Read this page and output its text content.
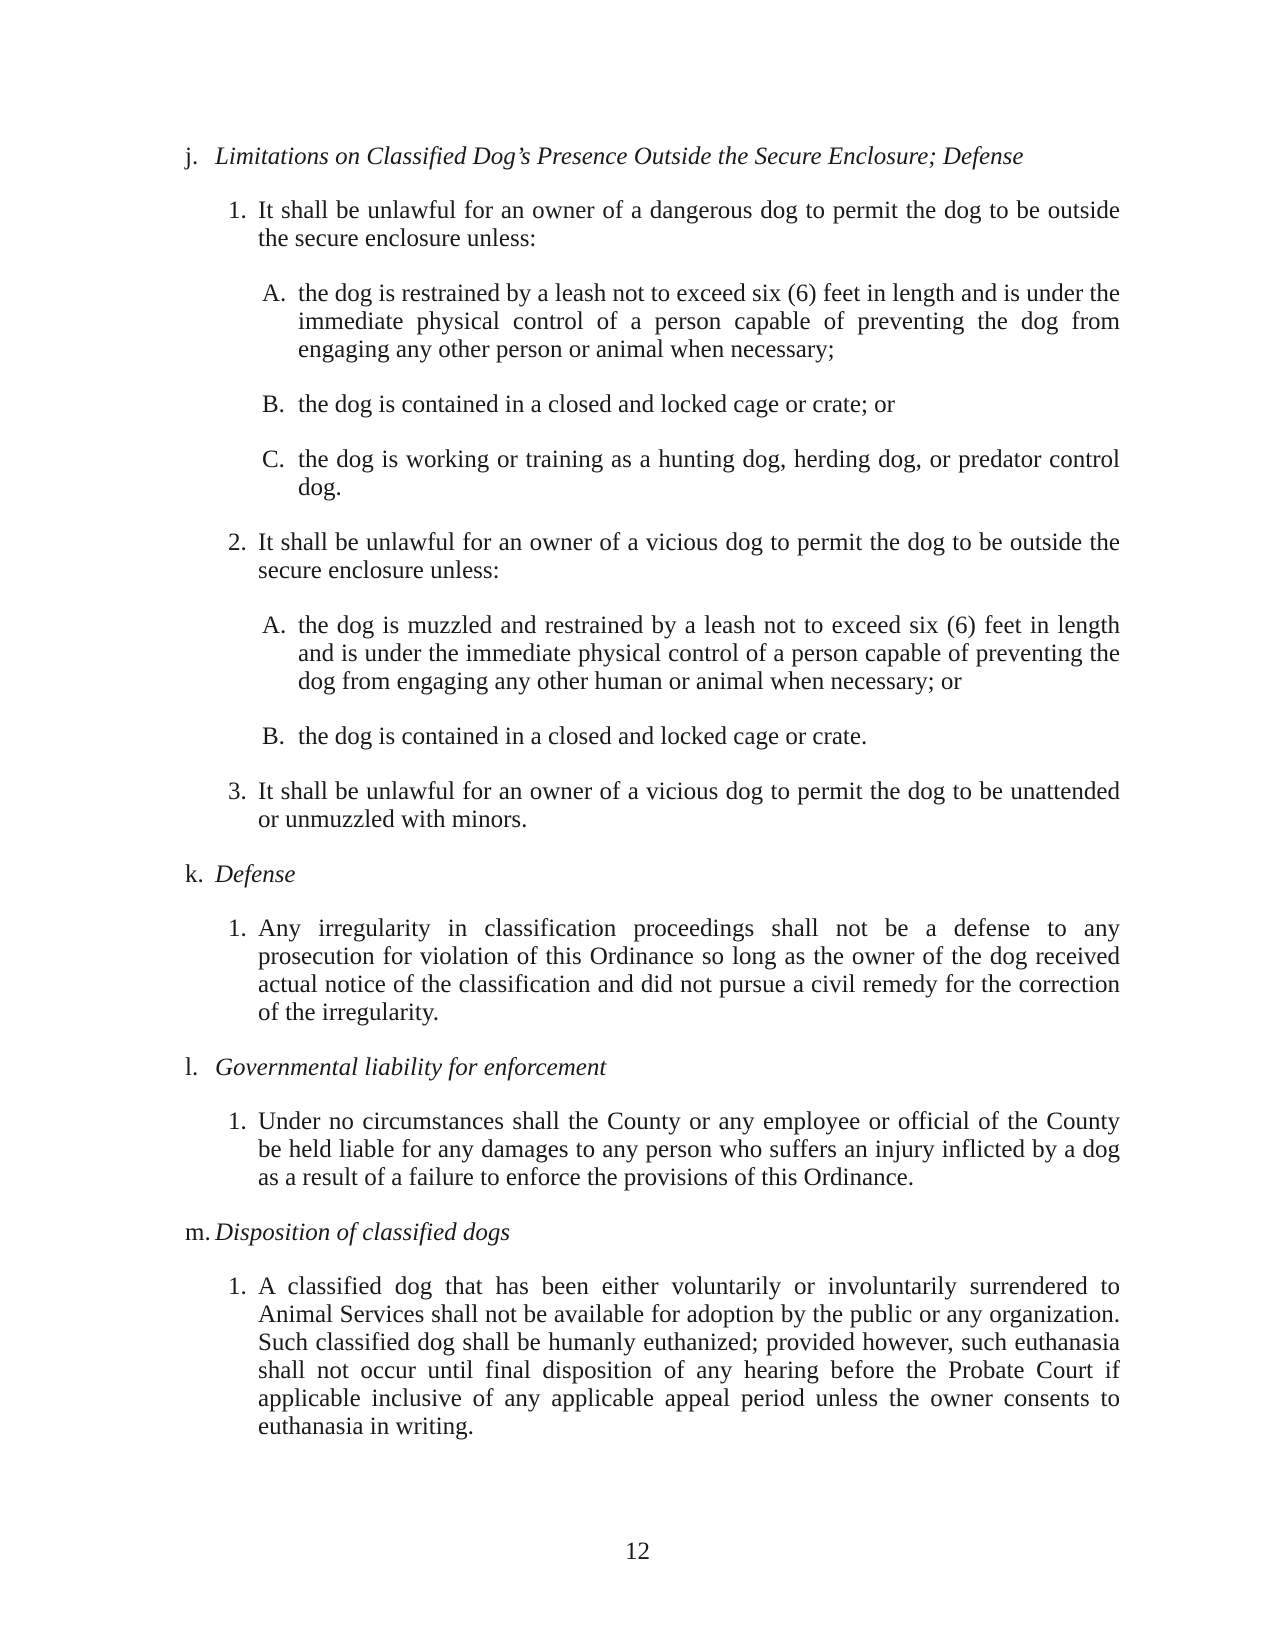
j. Limitations on Classified Dog’s Presence Outside the Secure Enclosure; Defense
1. It shall be unlawful for an owner of a dangerous dog to permit the dog to be outside the secure enclosure unless:

A. the dog is restrained by a leash not to exceed six (6) feet in length and is under the immediate physical control of a person capable of preventing the dog from engaging any other person or animal when necessary;

B. the dog is contained in a closed and locked cage or crate; or

C. the dog is working or training as a hunting dog, herding dog, or predator control dog.

2. It shall be unlawful for an owner of a vicious dog to permit the dog to be outside the secure enclosure unless:

A. the dog is muzzled and restrained by a leash not to exceed six (6) feet in length and is under the immediate physical control of a person capable of preventing the dog from engaging any other human or animal when necessary; or

B. the dog is contained in a closed and locked cage or crate.

3. It shall be unlawful for an owner of a vicious dog to permit the dog to be unattended or unmuzzled with minors.

k. Defense
1. Any irregularity in classification proceedings shall not be a defense to any prosecution for violation of this Ordinance so long as the owner of the dog received actual notice of the classification and did not pursue a civil remedy for the correction of the irregularity.

l. Governmental liability for enforcement
1. Under no circumstances shall the County or any employee or official of the County be held liable for any damages to any person who suffers an injury inflicted by a dog as a result of a failure to enforce the provisions of this Ordinance.

m. Disposition of classified dogs
1. A classified dog that has been either voluntarily or involuntarily surrendered to Animal Services shall not be available for adoption by the public or any organization. Such classified dog shall be humanly euthanized; provided however, such euthanasia shall not occur until final disposition of any hearing before the Probate Court if applicable inclusive of any applicable appeal period unless the owner consents to euthanasia in writing.

12
